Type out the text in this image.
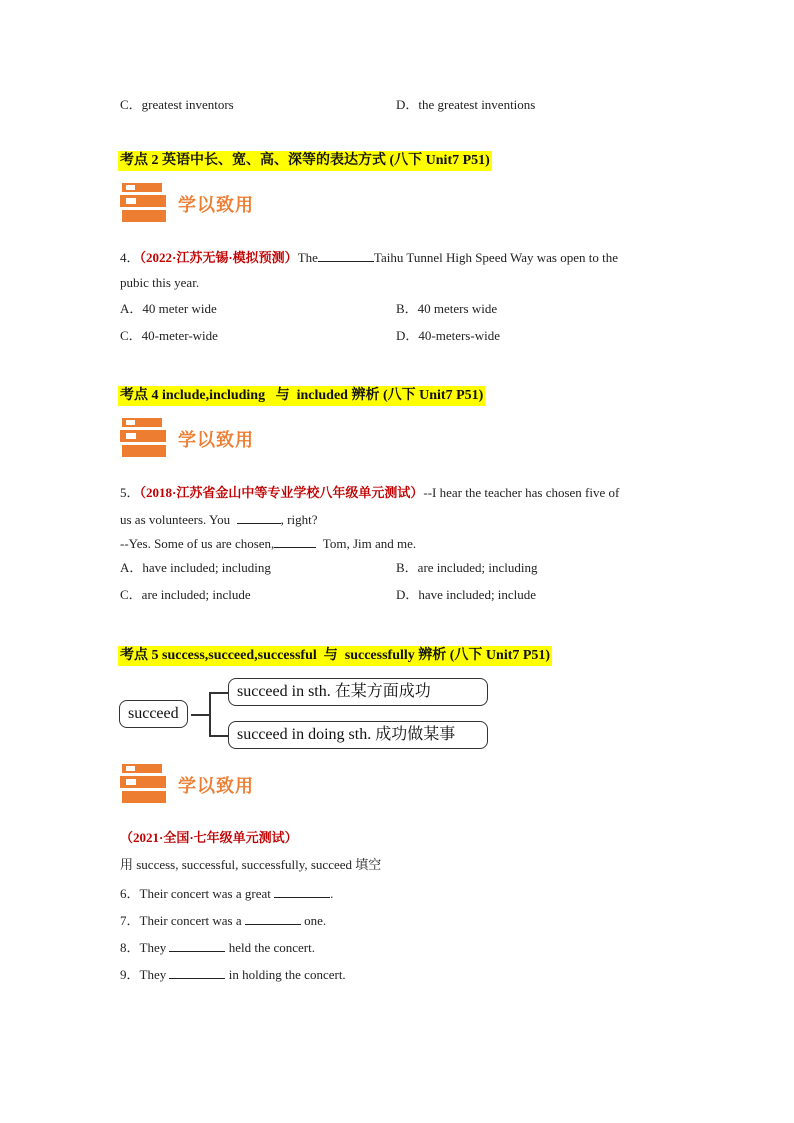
C．greatest inventors	D．the greatest inventions
考点 2 英语中长、宽、高、深等的表达方式 (八下 Unit7 P51)
学以致用
4．（2022·江苏无锡·模拟预测）The	Taihu Tunnel High Speed Way was open to the
pubic this year.
A．40 meter wide	B．40 meters wide
C．40-meter-wide	D．40-meters-wide
考点 4 include,including 与 included 辨析 (八下 Unit7 P51)
学以致用
5．（2018·江苏省金山中等专业学校八年级单元测试）--I hear the teacher has chosen five of
us as volunteers. You	, right?
--Yes. Some of us are chosen,	Tom, Jim and me.
A．have included; including	B．are included; including
C．are included; include	D．have included; include
考点 5 success,succeed,successful 与 successfully 辨析 (八下 Unit7 P51)
succeed
succeed in sth. 在某方面成功
succeed in doing sth. 成功做某事
学以致用
（2021·全国·七年级单元测试）
用 success, successful, successfully, succeed 填空
6．Their concert was a great	.
7．Their concert was a	one.
8．They	held the concert.
9．They	in holding the concert.
